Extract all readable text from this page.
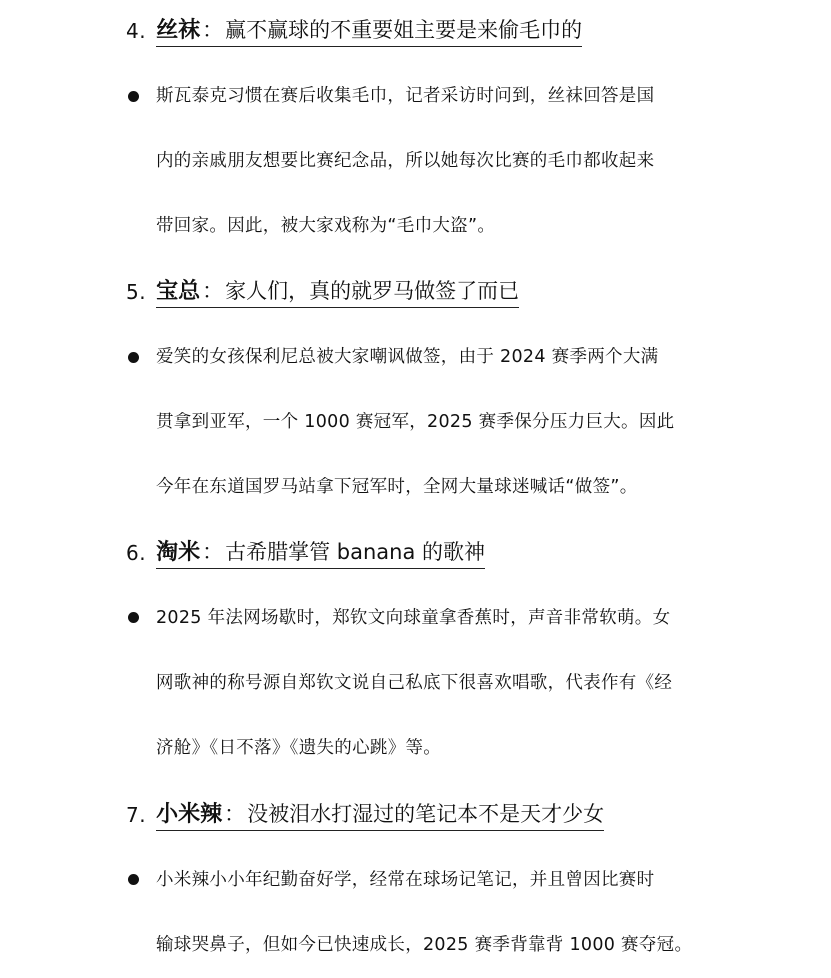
4. 丝袜：赢不赢球的不重要姐主要是来偷毛巾的

斯瓦泰克习惯在赛后收集毛巾，记者采访时问到，丝袜回答是国
内的亲戚朋友想要比赛纪念品，所以她每次比赛的毛巾都收起来
带回家。因此，被大家戏称为“毛巾大盗”。

5. 宝总：家人们，真的就罗马做签了而已

爱笑的女孩保利尼总被大家嘲讽做签，由于 2024 赛季两个大满
贯拿到亚军，一个 1000 赛冠军，2025 赛季保分压力巨大。因此
今年在东道国罗马站拿下冠军时，全网大量球迷喊话“做签”。

6. 淘米：古希腊掌管 banana 的歌神

2025 年法网场歇时，郑钦文向球童拿香蕉时，声音非常软萌。女
网歌神的称号源自郑钦文说自己私底下很喜欢唱歌，代表作有《经
济舱》《日不落》《遗失的心跳》等。

7. 小米辣：没被泪水打湿过的笔记本不是天才少女

小米辣小小年纪勤奋好学，经常在球场记笔记，并且曾因比赛时
输球哭鼻子，但如今已快速成长，2025 赛季背靠背 1000 赛夺冠。
